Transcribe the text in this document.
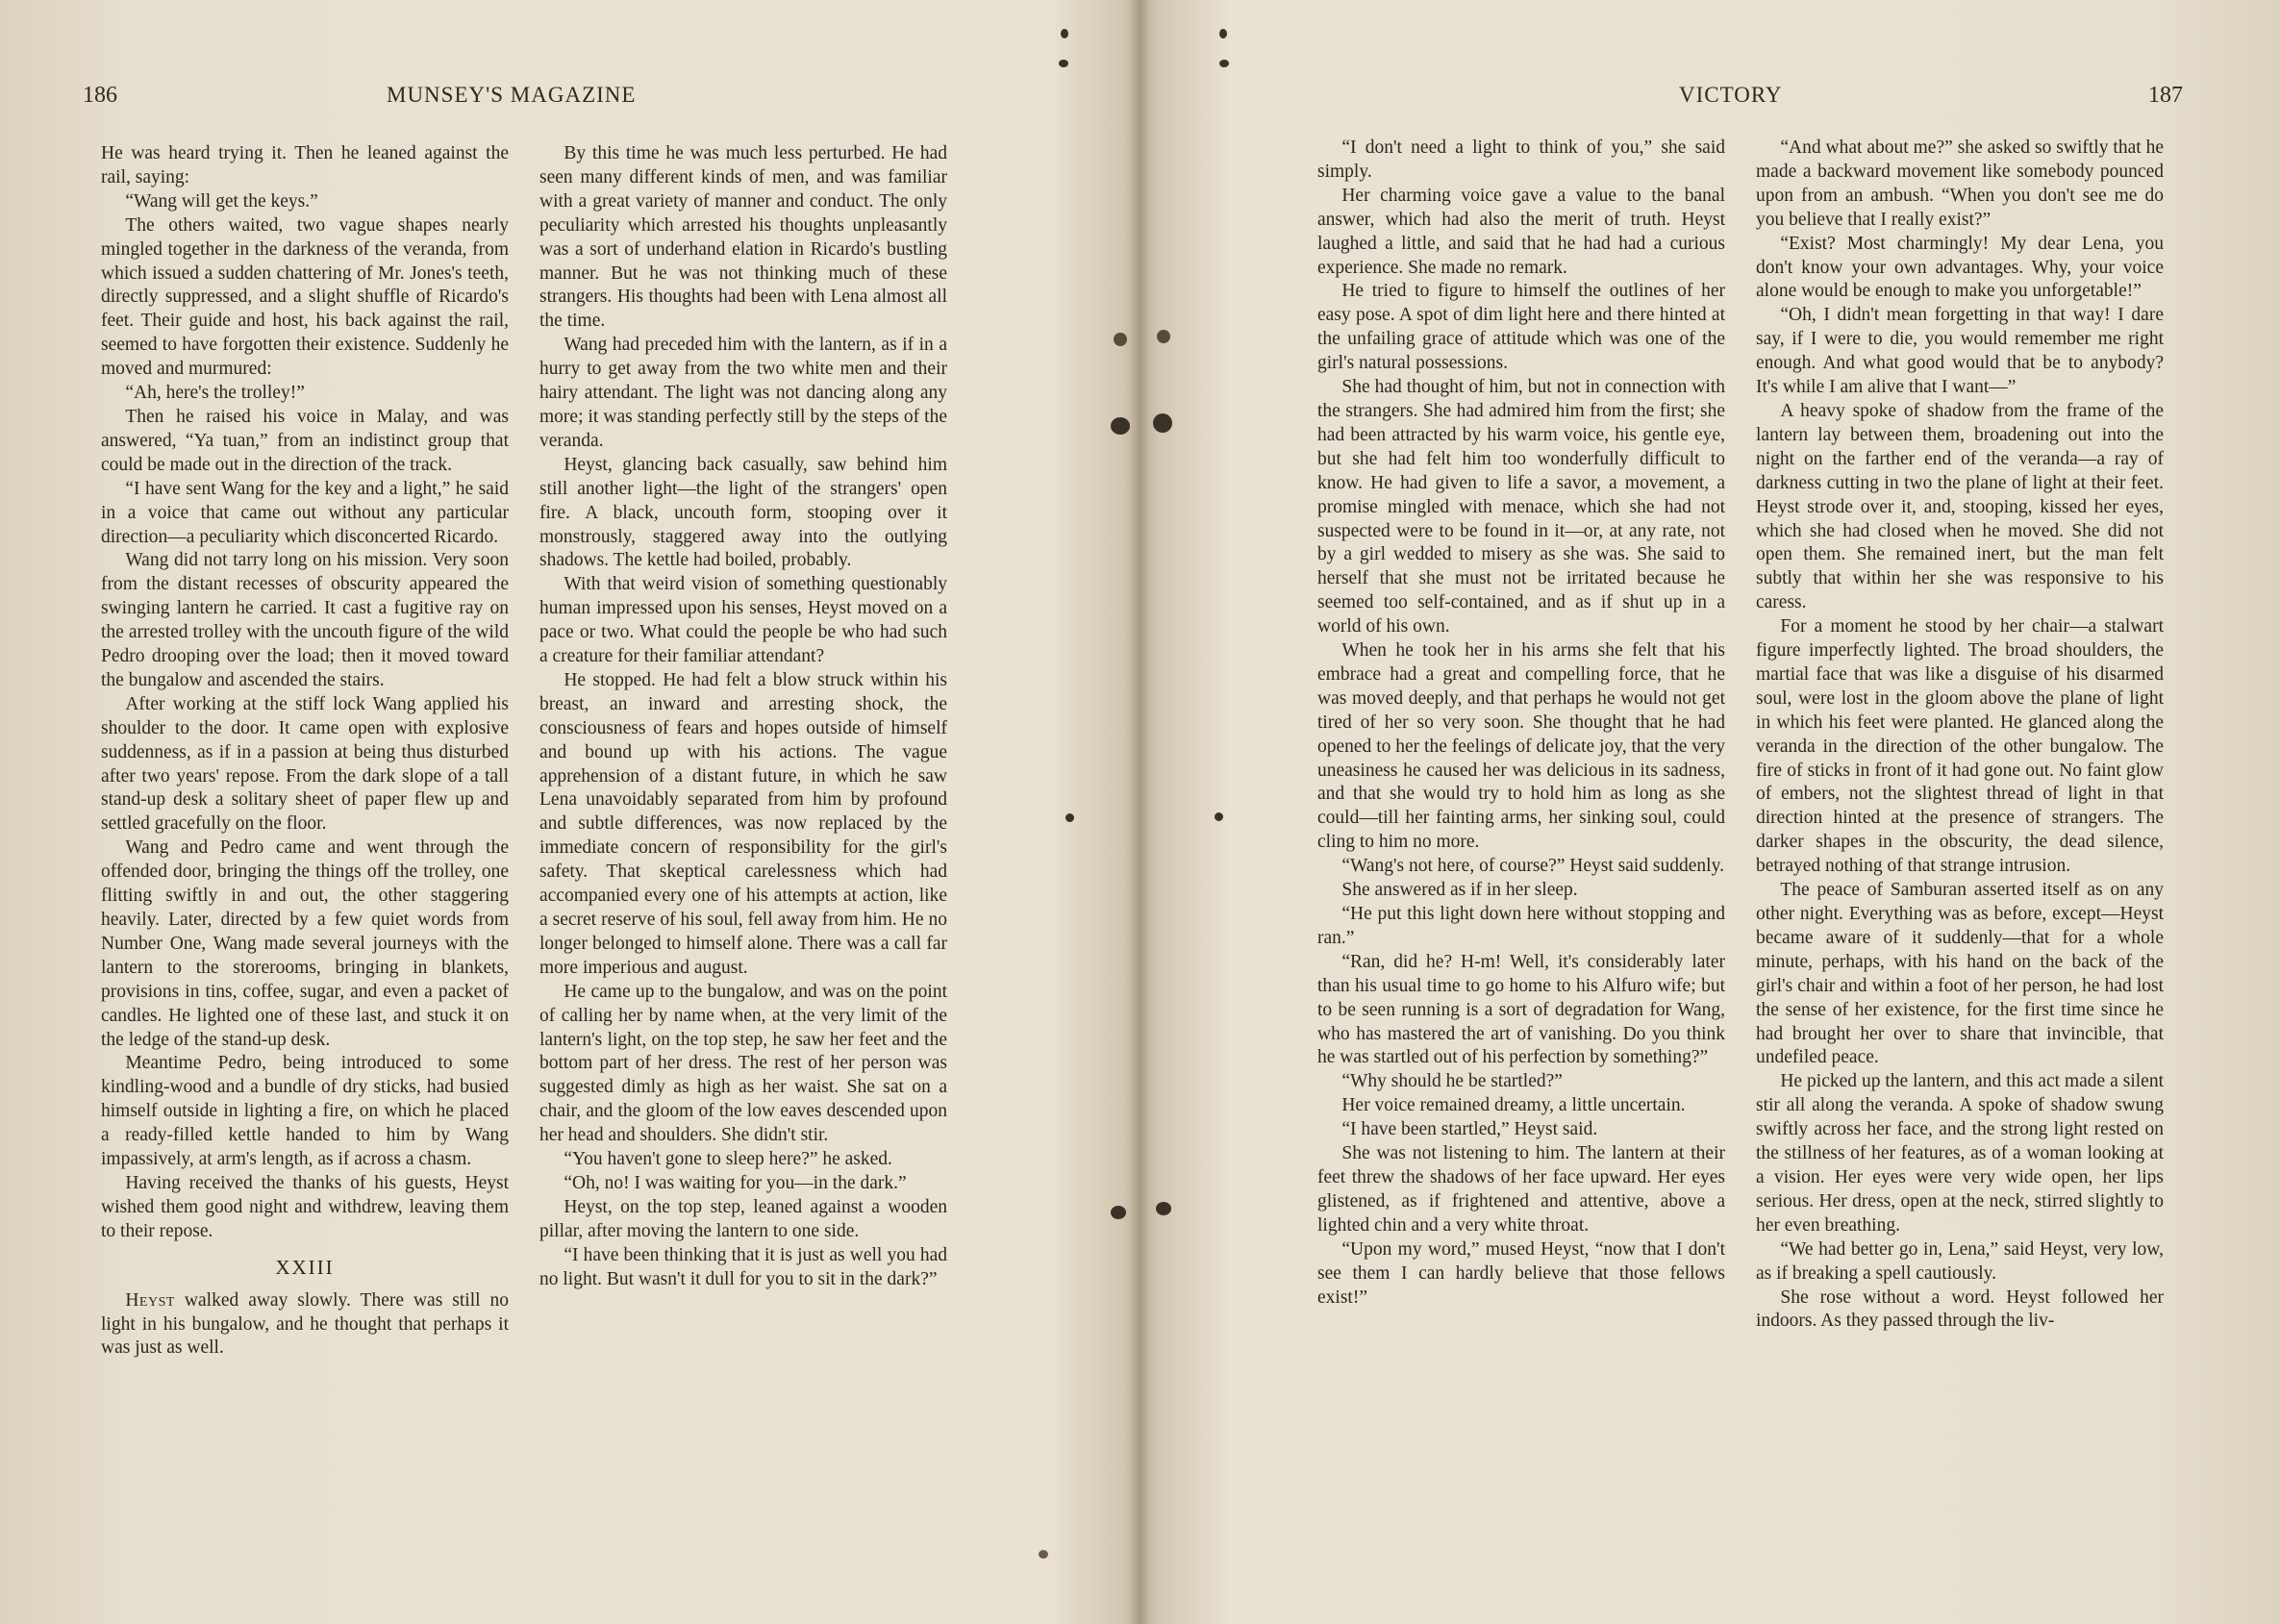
186	MUNSEY'S MAGAZINE

He was heard trying it. Then he leaned against the rail, saying:

“Wang will get the keys.”

The others waited, two vague shapes nearly mingled together in the darkness of the veranda, from which issued a sudden chattering of Mr. Jones's teeth, directly suppressed, and a slight shuffle of Ricardo's feet. Their guide and host, his back against the rail, seemed to have forgotten their existence. Suddenly he moved and murmured:

“Ah, here's the trolley!”

Then he raised his voice in Malay, and was answered, “Ya tuan,” from an indistinct group that could be made out in the direction of the track.

“I have sent Wang for the key and a light,” he said in a voice that came out without any particular direction—a peculiarity which disconcerted Ricardo.

Wang did not tarry long on his mission. Very soon from the distant recesses of obscurity appeared the swinging lantern he carried. It cast a fugitive ray on the arrested trolley with the uncouth figure of the wild Pedro drooping over the load; then it moved toward the bungalow and ascended the stairs.

After working at the stiff lock Wang applied his shoulder to the door. It came open with explosive suddenness, as if in a passion at being thus disturbed after two years' repose. From the dark slope of a tall stand-up desk a solitary sheet of paper flew up and settled gracefully on the floor.

Wang and Pedro came and went through the offended door, bringing the things off the trolley, one flitting swiftly in and out, the other staggering heavily. Later, directed by a few quiet words from Number One, Wang made several journeys with the lantern to the storerooms, bringing in blankets, provisions in tins, coffee, sugar, and even a packet of candles. He lighted one of these last, and stuck it on the ledge of the stand-up desk.

Meantime Pedro, being introduced to some kindling-wood and a bundle of dry sticks, had busied himself outside in lighting a fire, on which he placed a ready-filled kettle handed to him by Wang impassively, at arm's length, as if across a chasm.

Having received the thanks of his guests, Heyst wished them good night and withdrew, leaving them to their repose.

XXIII

Heyst walked away slowly. There was still no light in his bungalow, and he thought that perhaps it was just as well.

By this time he was much less perturbed. He had seen many different kinds of men, and was familiar with a great variety of manner and conduct. The only peculiarity which arrested his thoughts unpleasantly was a sort of underhand elation in Ricardo's bustling manner. But he was not thinking much of these strangers. His thoughts had been with Lena almost all the time.

Wang had preceded him with the lantern, as if in a hurry to get away from the two white men and their hairy attendant. The light was not dancing along any more; it was standing perfectly still by the steps of the veranda.

Heyst, glancing back casually, saw behind him still another light—the light of the strangers' open fire. A black, uncouth form, stooping over it monstrously, staggered away into the outlying shadows. The kettle had boiled, probably.

With that weird vision of something questionably human impressed upon his senses, Heyst moved on a pace or two. What could the people be who had such a creature for their familiar attendant?

He stopped. He had felt a blow struck within his breast, an inward and arresting shock, the consciousness of fears and hopes outside of himself and bound up with his actions. The vague apprehension of a distant future, in which he saw Lena unavoidably separated from him by profound and subtle differences, was now replaced by the immediate concern of responsibility for the girl's safety. That skeptical carelessness which had accompanied every one of his attempts at action, like a secret reserve of his soul, fell away from him. He no longer belonged to himself alone. There was a call far more imperious and august.

He came up to the bungalow, and was on the point of calling her by name when, at the very limit of the lantern's light, on the top step, he saw her feet and the bottom part of her dress. The rest of her person was suggested dimly as high as her waist. She sat on a chair, and the gloom of the low eaves descended upon her head and shoulders. She didn't stir.

“You haven't gone to sleep here?” he asked.

“Oh, no! I was waiting for you—in the dark.”

Heyst, on the top step, leaned against a wooden pillar, after moving the lantern to one side.

“I have been thinking that it is just as well you had no light. But wasn't it dull for you to sit in the dark?”

VICTORY	187

“I don't need a light to think of you,” she said simply.

Her charming voice gave a value to the banal answer, which had also the merit of truth. Heyst laughed a little, and said that he had had a curious experience. She made no remark.

He tried to figure to himself the outlines of her easy pose. A spot of dim light here and there hinted at the unfailing grace of attitude which was one of the girl's natural possessions.

She had thought of him, but not in connection with the strangers. She had admired him from the first; she had been attracted by his warm voice, his gentle eye, but she had felt him too wonderfully difficult to know. He had given to life a savor, a movement, a promise mingled with menace, which she had not suspected were to be found in it—or, at any rate, not by a girl wedded to misery as she was. She said to herself that she must not be irritated because he seemed too self-contained, and as if shut up in a world of his own.

When he took her in his arms she felt that his embrace had a great and compelling force, that he was moved deeply, and that perhaps he would not get tired of her so very soon. She thought that he had opened to her the feelings of delicate joy, that the very uneasiness he caused her was delicious in its sadness, and that she would try to hold him as long as she could—till her fainting arms, her sinking soul, could cling to him no more.

“Wang's not here, of course?” Heyst said suddenly.

She answered as if in her sleep.

“He put this light down here without stopping and ran.”

“Ran, did he? H-m! Well, it's considerably later than his usual time to go home to his Alfuro wife; but to be seen running is a sort of degradation for Wang, who has mastered the art of vanishing. Do you think he was startled out of his perfection by something?”

“Why should he be startled?”

Her voice remained dreamy, a little uncertain.

“I have been startled,” Heyst said.

She was not listening to him. The lantern at their feet threw the shadows of her face upward. Her eyes glistened, as if frightened and attentive, above a lighted chin and a very white throat.

“Upon my word,” mused Heyst, “now that I don't see them I can hardly believe that those fellows exist!”

“And what about me?” she asked so swiftly that he made a backward movement like somebody pounced upon from an ambush. “When you don't see me do you believe that I really exist?”

“Exist? Most charmingly! My dear Lena, you don't know your own advantages. Why, your voice alone would be enough to make you unforgetable!”

“Oh, I didn't mean forgetting in that way! I dare say, if I were to die, you would remember me right enough. And what good would that be to anybody? It's while I am alive that I want—”

A heavy spoke of shadow from the frame of the lantern lay between them, broadening out into the night on the farther end of the veranda—a ray of darkness cutting in two the plane of light at their feet. Heyst strode over it, and, stooping, kissed her eyes, which she had closed when he moved. She did not open them. She remained inert, but the man felt subtly that within her she was responsive to his caress.

For a moment he stood by her chair—a stalwart figure imperfectly lighted. The broad shoulders, the martial face that was like a disguise of his disarmed soul, were lost in the gloom above the plane of light in which his feet were planted. He glanced along the veranda in the direction of the other bungalow. The fire of sticks in front of it had gone out. No faint glow of embers, not the slightest thread of light in that direction hinted at the presence of strangers. The darker shapes in the obscurity, the dead silence, betrayed nothing of that strange intrusion.

The peace of Samburan asserted itself as on any other night. Everything was as before, except—Heyst became aware of it suddenly—that for a whole minute, perhaps, with his hand on the back of the girl's chair and within a foot of her person, he had lost the sense of her existence, for the first time since he had brought her over to share that invincible, that undefiled peace.

He picked up the lantern, and this act made a silent stir all along the veranda. A spoke of shadow swung swiftly across her face, and the strong light rested on the stillness of her features, as of a woman looking at a vision. Her eyes were very wide open, her lips serious. Her dress, open at the neck, stirred slightly to her even breathing.

“We had better go in, Lena,” said Heyst, very low, as if breaking a spell cautiously.

She rose without a word. Heyst followed her indoors. As they passed through the liv-
